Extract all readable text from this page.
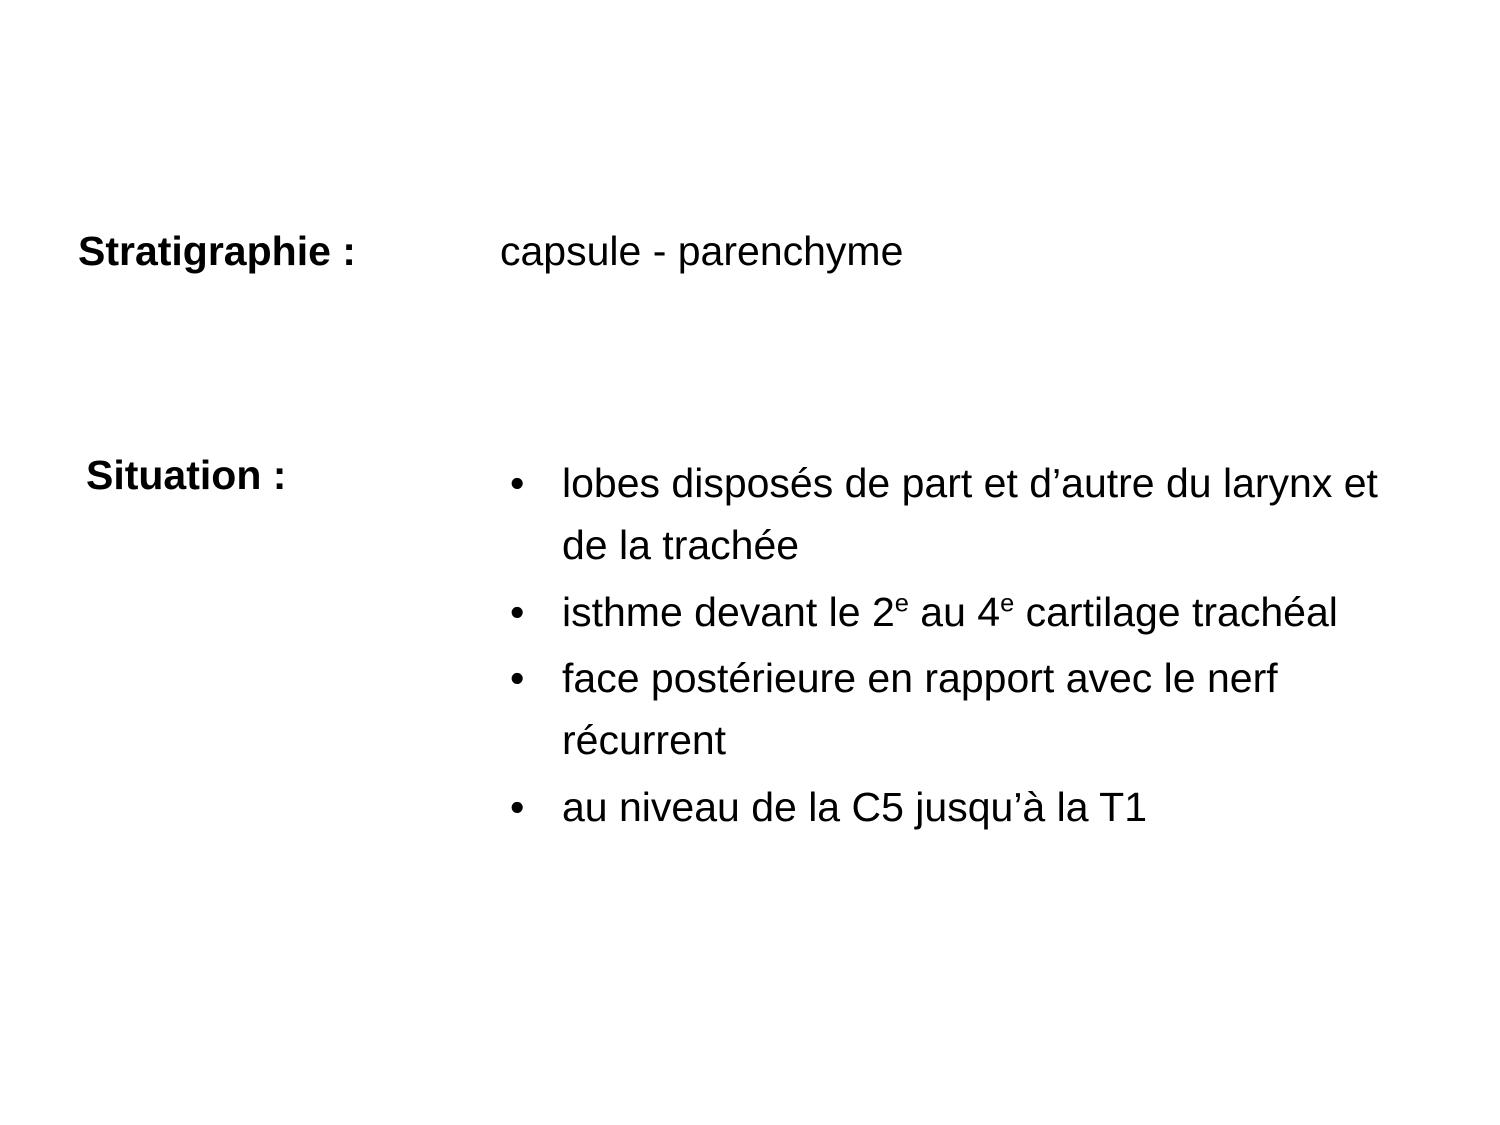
Stratigraphie :	capsule - parenchyme
Situation :	• lobes disposés de part et d’autre du larynx et de la trachée
• isthme devant le 2e au 4e cartilage trachéal
• face postérieure en rapport avec le nerf récurrent
• au niveau de la C5 jusqu’à la T1
